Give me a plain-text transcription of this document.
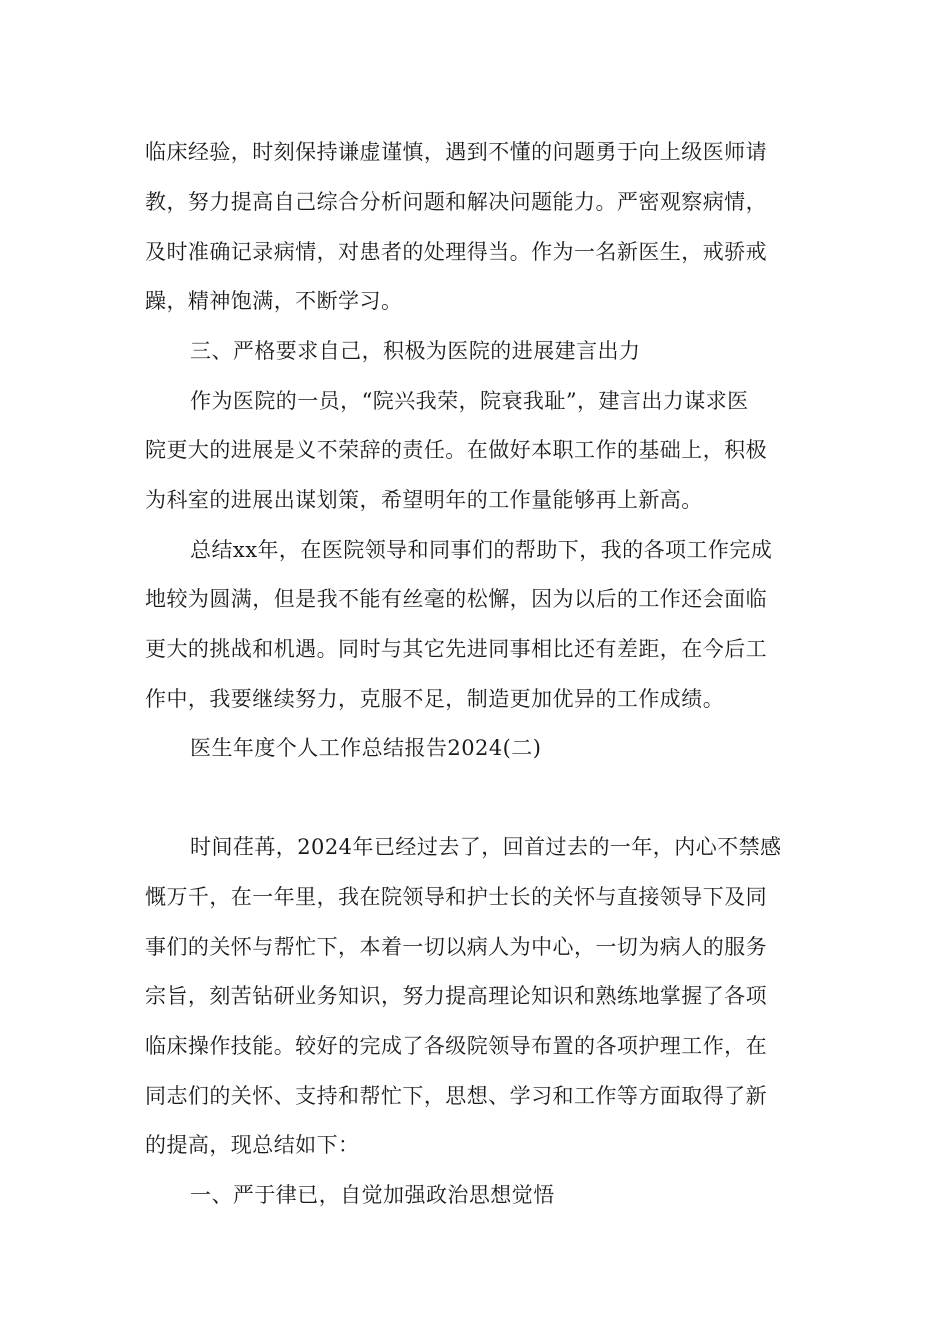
临床经验，时刻保持谦虚谨慎，遇到不懂的问题勇于向上级医师请
教，努力提高自己综合分析问题和解决问题能力。严密观察病情，
及时准确记录病情，对患者的处理得当。作为一名新医生，戒骄戒
躁，精神饱满，不断学习。
三、严格要求自己，积极为医院的进展建言出力
作为医院的一员，“院兴我荣，院衰我耻”，建言出力谋求医
院更大的进展是义不荣辞的责任。在做好本职工作的基础上，积极
为科室的进展出谋划策，希望明年的工作量能够再上新高。
总结xx年，在医院领导和同事们的帮助下，我的各项工作完成
地较为圆满，但是我不能有丝毫的松懈，因为以后的工作还会面临
更大的挑战和机遇。同时与其它先进同事相比还有差距，在今后工
作中，我要继续努力，克服不足，制造更加优异的工作成绩。
医生年度个人工作总结报告2024(二)
时间荏苒，2024年已经过去了，回首过去的一年，内心不禁感
慨万千，在一年里，我在院领导和护士长的关怀与直接领导下及同
事们的关怀与帮忙下，本着一切以病人为中心，一切为病人的服务
宗旨，刻苦钻研业务知识，努力提高理论知识和熟练地掌握了各项
临床操作技能。较好的完成了各级院领导布置的各项护理工作，在
同志们的关怀、支持和帮忙下，思想、学习和工作等方面取得了新
的提高，现总结如下：
一、严于律已，自觉加强政治思想觉悟
